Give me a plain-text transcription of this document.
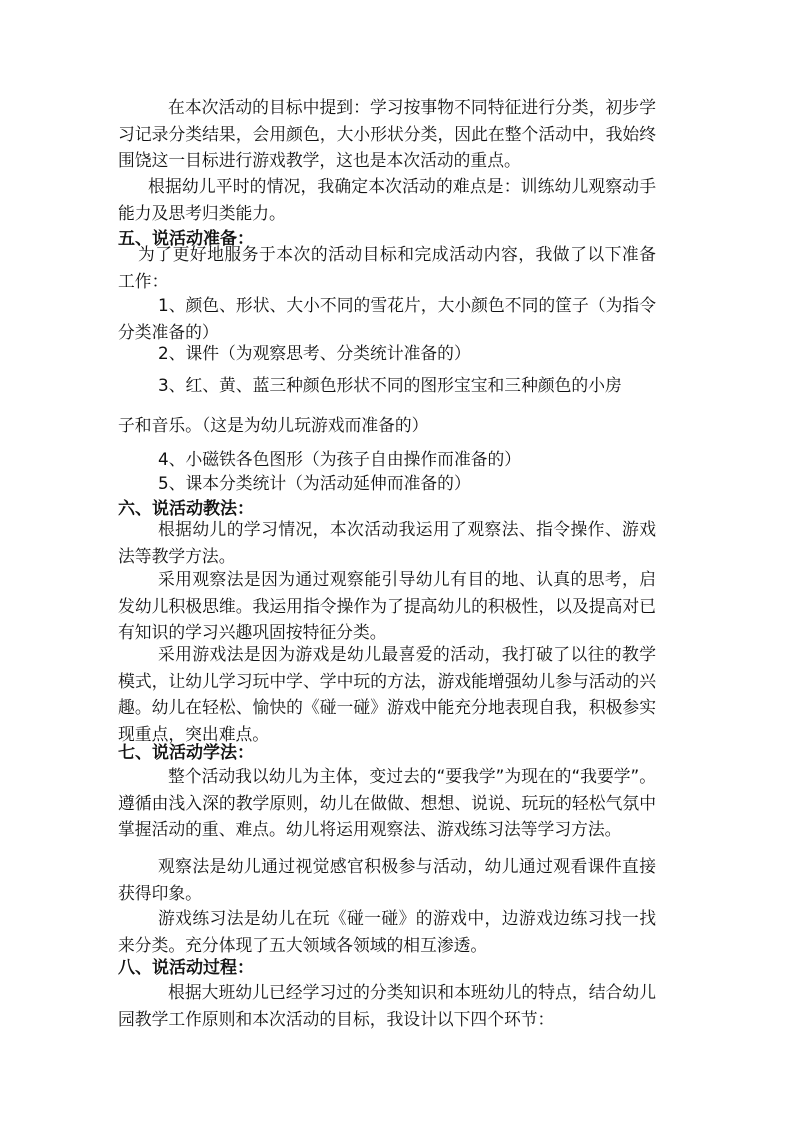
在本次活动的目标中提到：学习按事物不同特征进行分类，初步学习记录分类结果，会用颜色，大小形状分类，因此在整个活动中，我始终围饶这一目标进行游戏教学，这也是本次活动的重点。
根据幼儿平时的情况，我确定本次活动的难点是：训练幼儿观察动手能力及思考归类能力。
五、说活动准备：
为了更好地服务于本次的活动目标和完成活动内容，我做了以下准备工作：
1、颜色、形状、大小不同的雪花片，大小颜色不同的筐子（为指令分类准备的）
2、课件（为观察思考、分类统计准备的）
3、红、黄、蓝三种颜色形状不同的图形宝宝和三种颜色的小房
子和音乐。（这是为幼儿玩游戏而准备的）
4、小磁铁各色图形（为孩子自由操作而准备的）
5、课本分类统计（为活动延伸而准备的）
六、说活动教法：
根据幼儿的学习情况，本次活动我运用了观察法、指令操作、游戏法等教学方法。
采用观察法是因为通过观察能引导幼儿有目的地、认真的思考，启发幼儿积极思维。我运用指令操作为了提高幼儿的积极性，以及提高对已有知识的学习兴趣巩固按特征分类。
采用游戏法是因为游戏是幼儿最喜爱的活动，我打破了以往的教学模式，让幼儿学习玩中学、学中玩的方法，游戏能增强幼儿参与活动的兴趣。幼儿在轻松、愉快的《碰一碰》游戏中能充分地表现自我，积极参实现重点，突出难点。
七、说活动学法：
整个活动我以幼儿为主体，变过去的“要我学”为现在的“我要学”。遵循由浅入深的教学原则，幼儿在做做、想想、说说、玩玩的轻松气氛中掌握活动的重、难点。幼儿将运用观察法、游戏练习法等学习方法。
观察法是幼儿通过视觉感官积极参与活动，幼儿通过观看课件直接获得印象。
游戏练习法是幼儿在玩《碰一碰》的游戏中，边游戏边练习找一找来分类。充分体现了五大领域各领域的相互渗透。
八、说活动过程：
根据大班幼儿已经学习过的分类知识和本班幼儿的特点，结合幼儿园教学工作原则和本次活动的目标，我设计以下四个环节：
